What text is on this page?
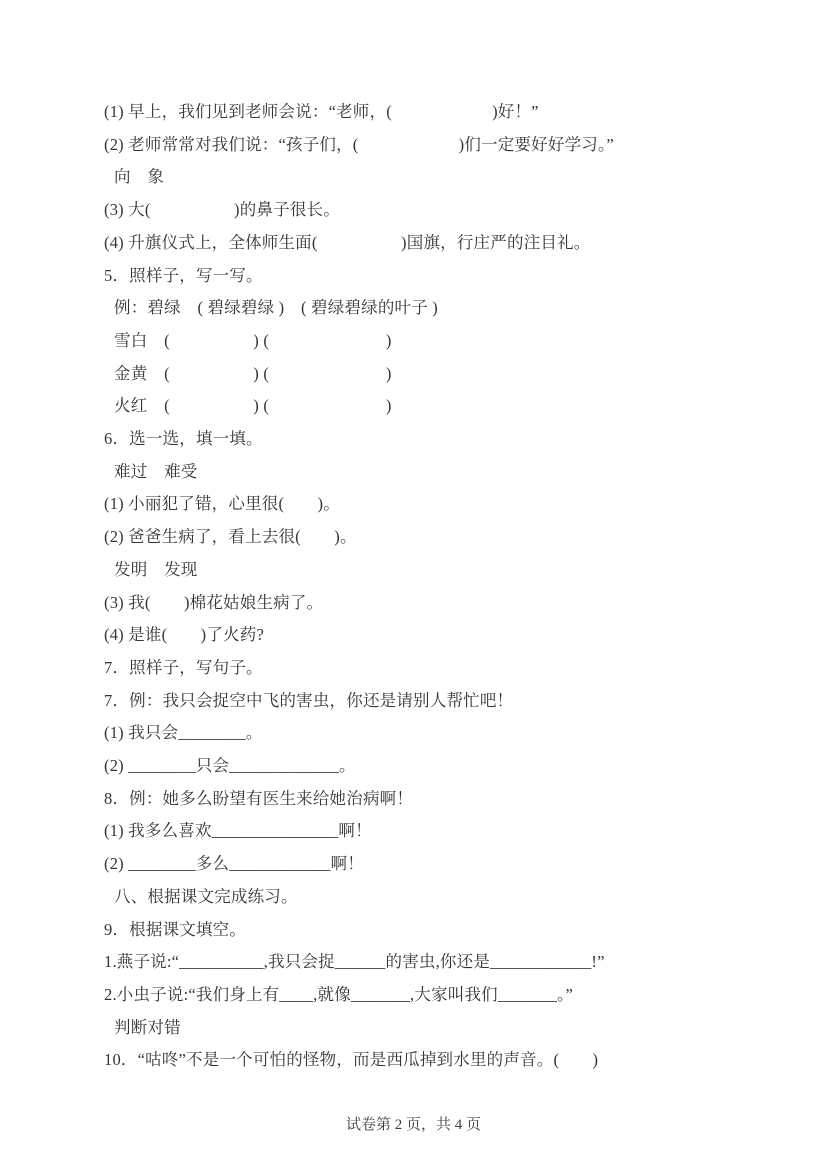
(1) 早上，我们见到老师会说：“老师，(　　　　　　)好！”
(2) 老师常常对我们说：“孩子们，(　　　　　　)们一定要好好学习。”
向　象
(3) 大(　　　　　)的鼻子很长。
(4) 升旗仪式上，全体师生面(　　　　　)国旗，行庄严的注目礼。
5．照样子，写一写。
例：碧绿　( 碧绿碧绿 )　( 碧绿碧绿的叶子 )
雪白　(　　　　　) (　　　　　　　)
金黄　(　　　　　) (　　　　　　　)
火红　(　　　　　) (　　　　　　　)
6．选一选，填一填。
难过　难受
(1) 小丽犯了错，心里很(　　)。
(2) 爸爸生病了，看上去很(　　)。
发明　发现
(3) 我(　　)棉花姑娘生病了。
(4) 是谁(　　)了火药?
7．照样子，写句子。
7．例：我只会捉空中飞的害虫，你还是请别人帮忙吧！
(1) 我只会________。
(2) ________只会_____________。
8．例：她多么盼望有医生来给她治病啊！
(1) 我多么喜欢_______________啊！
(2) ________多么____________啊！
八、根据课文完成练习。
9．根据课文填空。
1.燕子说:“__________,我只会捉______的害虫,你还是____________!”
2.小虫子说:“我们身上有____,就像_______,大家叫我们_______。”
判断对错
10．“咕咚”不是一个可怕的怪物，而是西瓜掉到水里的声音。(　　)
试卷第 2 页，共 4 页
